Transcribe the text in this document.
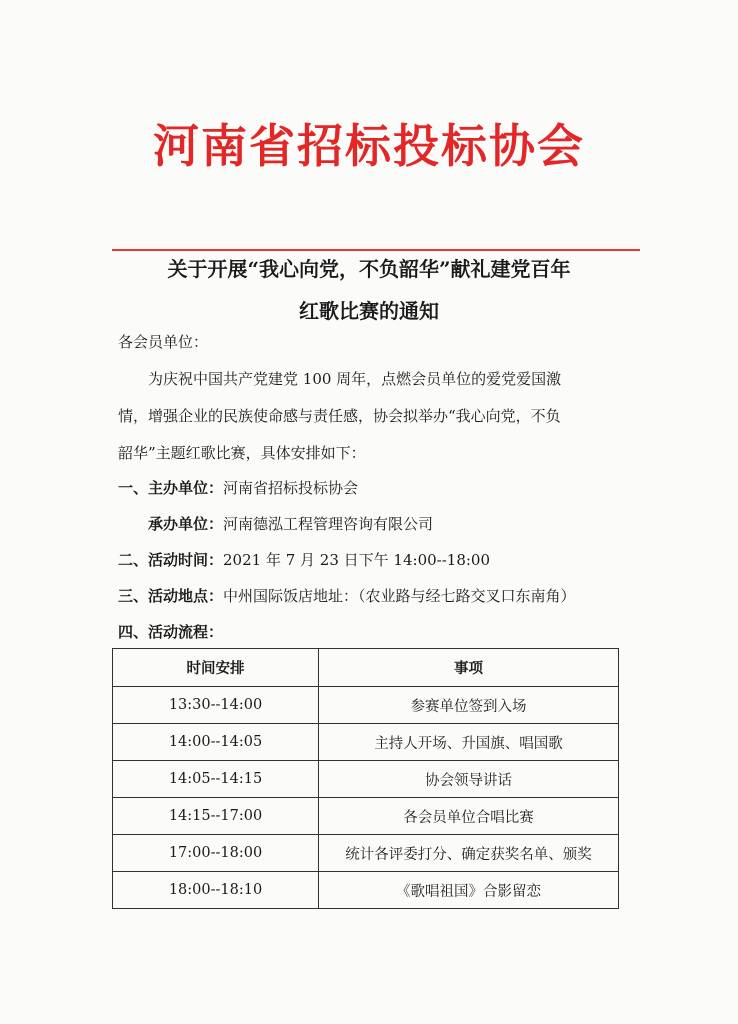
河南省招标投标协会
关于开展“我心向党，不负韶华”献礼建党百年
红歌比赛的通知
各会员单位：
为庆祝中国共产党建党 100 周年，点燃会员单位的爱党爱国激
情，增强企业的民族使命感与责任感，协会拟举办“我心向党，不负
韶华”主题红歌比赛，具体安排如下：
一、主办单位：河南省招标投标协会
承办单位：河南德泓工程管理咨询有限公司
二、活动时间：2021 年 7 月 23 日下午 14:00--18:00
三、活动地点：中州国际饭店地址：（农业路与经七路交叉口东南角）
四、活动流程：
时间安排	事项
13:30--14:00	参赛单位签到入场
14:00--14:05	主持人开场、升国旗、唱国歌
14:05--14:15	协会领导讲话
14:15--17:00	各会员单位合唱比赛
17:00--18:00	统计各评委打分、确定获奖名单、颁奖
18:00--18:10	《歌唱祖国》合影留恋
